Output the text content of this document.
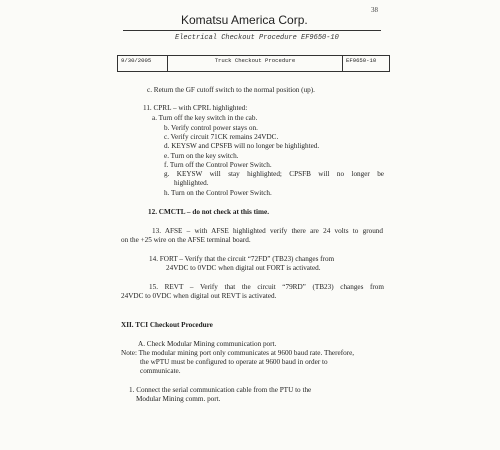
38
Komatsu America Corp.
Electrical Checkout Procedure EF9650-10
9/30/2005	Truck Checkout Procedure	EF9650-10
c. Return the GF cutoff switch to the normal position (up).
11. CPRL – with CPRL highlighted:
a. Turn off the key switch in the cab.
b. Verify control power stays on.
c. Verify circuit 71CK remains 24VDC.
d. KEYSW and CPSFB will no longer be highlighted.
e. Turn on the key switch.
f. Turn off the Control Power Switch.
g. KEYSW will stay highlighted; CPSFB will no longer be
highlighted.
h. Turn on the Control Power Switch.
12. CMCTL – do not check at this time.
13. AFSE – with AFSE highlighted verify there are 24 volts to ground
on the +25 wire on the AFSE terminal board.
14. FORT – Verify that the circuit “72FD” (TB23) changes from
24VDC to 0VDC when digital out FORT is activated.
15. REVT – Verify that the circuit “79RD” (TB23) changes from
24VDC to 0VDC when digital out REVT is activated.
XII. TCI Checkout Procedure
A. Check Modular Mining communication port.
Note: The modular mining port only communicates at 9600 baud rate. Therefore,
the wPTU must be configured to operate at 9600 baud in order to
communicate.
1. Connect the serial communication cable from the PTU to the
Modular Mining comm. port.
